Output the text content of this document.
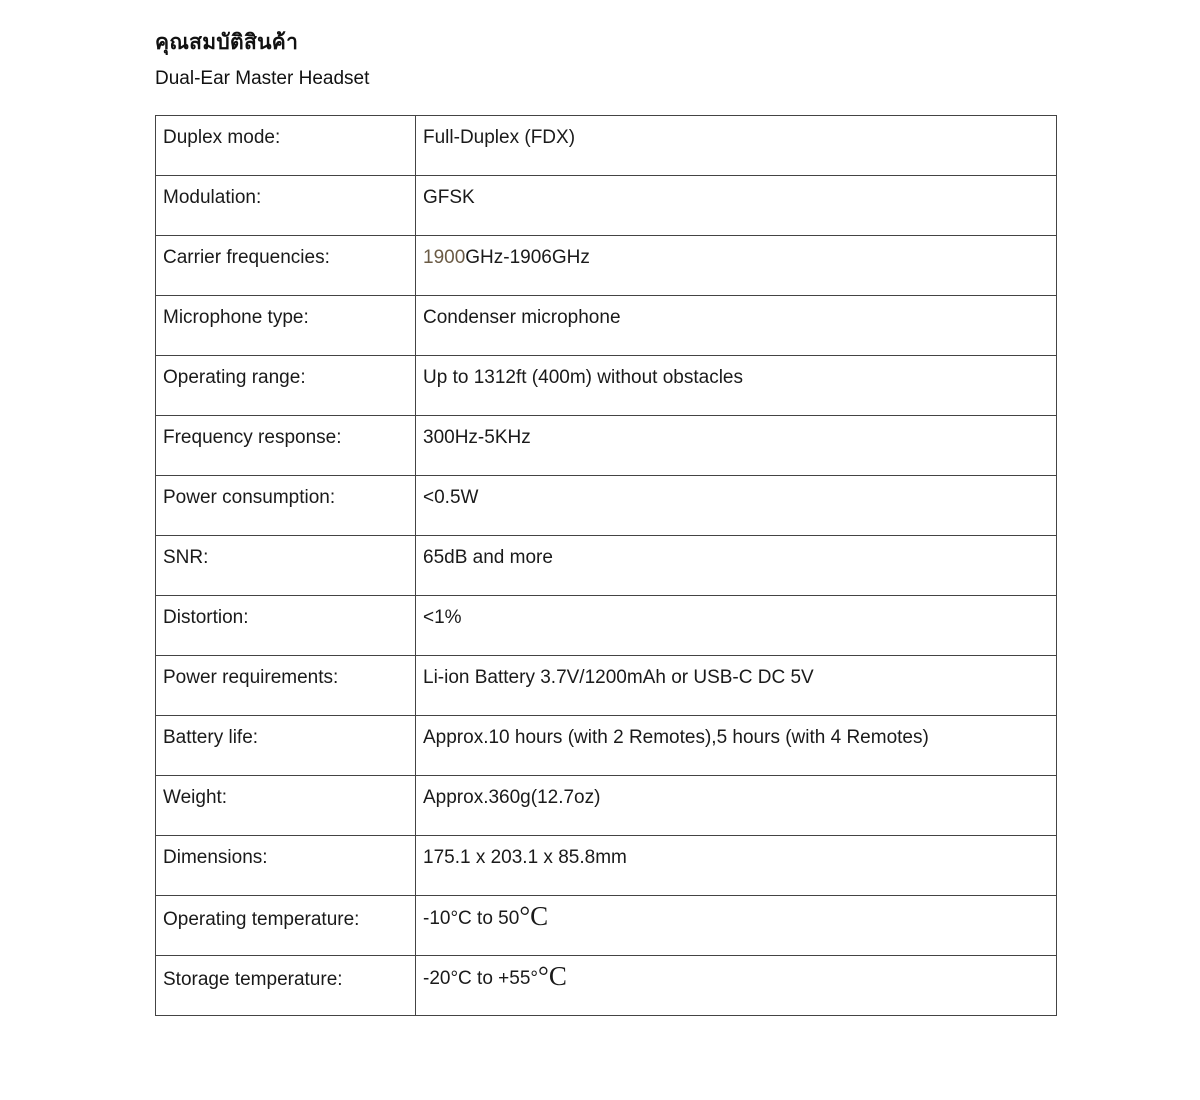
คุณสมบัติสินค้า
Dual-Ear Master Headset
Duplex mode:	Full-Duplex (FDX)
Modulation:	GFSK
Carrier frequencies:	1900GHz-1906GHz
Microphone type:	Condenser microphone
Operating range:	Up to 1312ft (400m) without obstacles
Frequency response:	300Hz-5KHz
Power consumption:	<0.5W
SNR:	65dB and more
Distortion:	<1%
Power requirements:	Li-ion Battery 3.7V/1200mAh or USB-C DC 5V
Battery life:	Approx.10 hours (with 2 Remotes),5 hours (with 4 Remotes)
Weight:	Approx.360g(12.7oz)
Dimensions:	175.1 x 203.1 x 85.8mm
Operating temperature:	-10°C to 50°C
Storage temperature:	-20°C to +55°°C
